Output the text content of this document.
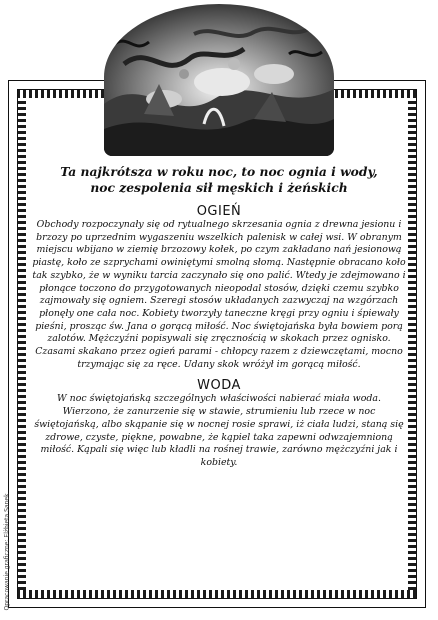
Ta najkrótsza w roku noc, to noc ognia i wody,
noc zespolenia sił męskich i żeńskich

OGIEŃ

Obchody rozpoczynały się od rytualnego skrzesania ognia z drewna jesionu i brzozy po uprzednim wygaszeniu wszelkich palenisk w całej wsi. W obranym miejscu wbijano w ziemię brzozowy kołek, po czym zakładano nań jesionową piastę, koło ze szprychami owiniętymi smolną słomą. Następnie obracano koło tak szybko, że w wyniku tarcia zaczynało się ono palić. Wtedy je zdejmowano i płonące toczono do przygotowanych nieopodal stosów, dzięki czemu szybko zajmowały się ogniem. Szeregi stosów układanych zazwyczaj na wzgórzach płonęły one cała noc. Kobiety tworzyły taneczne kręgi przy ogniu i śpiewały pieśni, prosząc św. Jana o gorącą miłość. Noc świętojańska była bowiem porą zalotów. Mężczyźni popisywali się zręcznością w skokach przez ognisko. Czasami skakano przez ogień parami - chłopcy razem z dziewczętami, mocno trzymając się za ręce. Udany skok wróżył im gorącą miłość.

WODA

W noc świętojańską szczególnych właściwości nabierać miała woda. Wierzono, że zanurzenie się w stawie, strumieniu lub rzece w noc świętojańską, albo skąpanie się w nocnej rosie sprawi, iż ciała ludzi, staną się zdrowe, czyste, piękne, powabne, że kąpiel taka zapewni odwzajemnioną miłość. Kąpali się więc lub kładli na rośnej trawie, zarówno mężczyźni jak i kobiety.

Opracowanie graficzne: Elżbieta Sanek
